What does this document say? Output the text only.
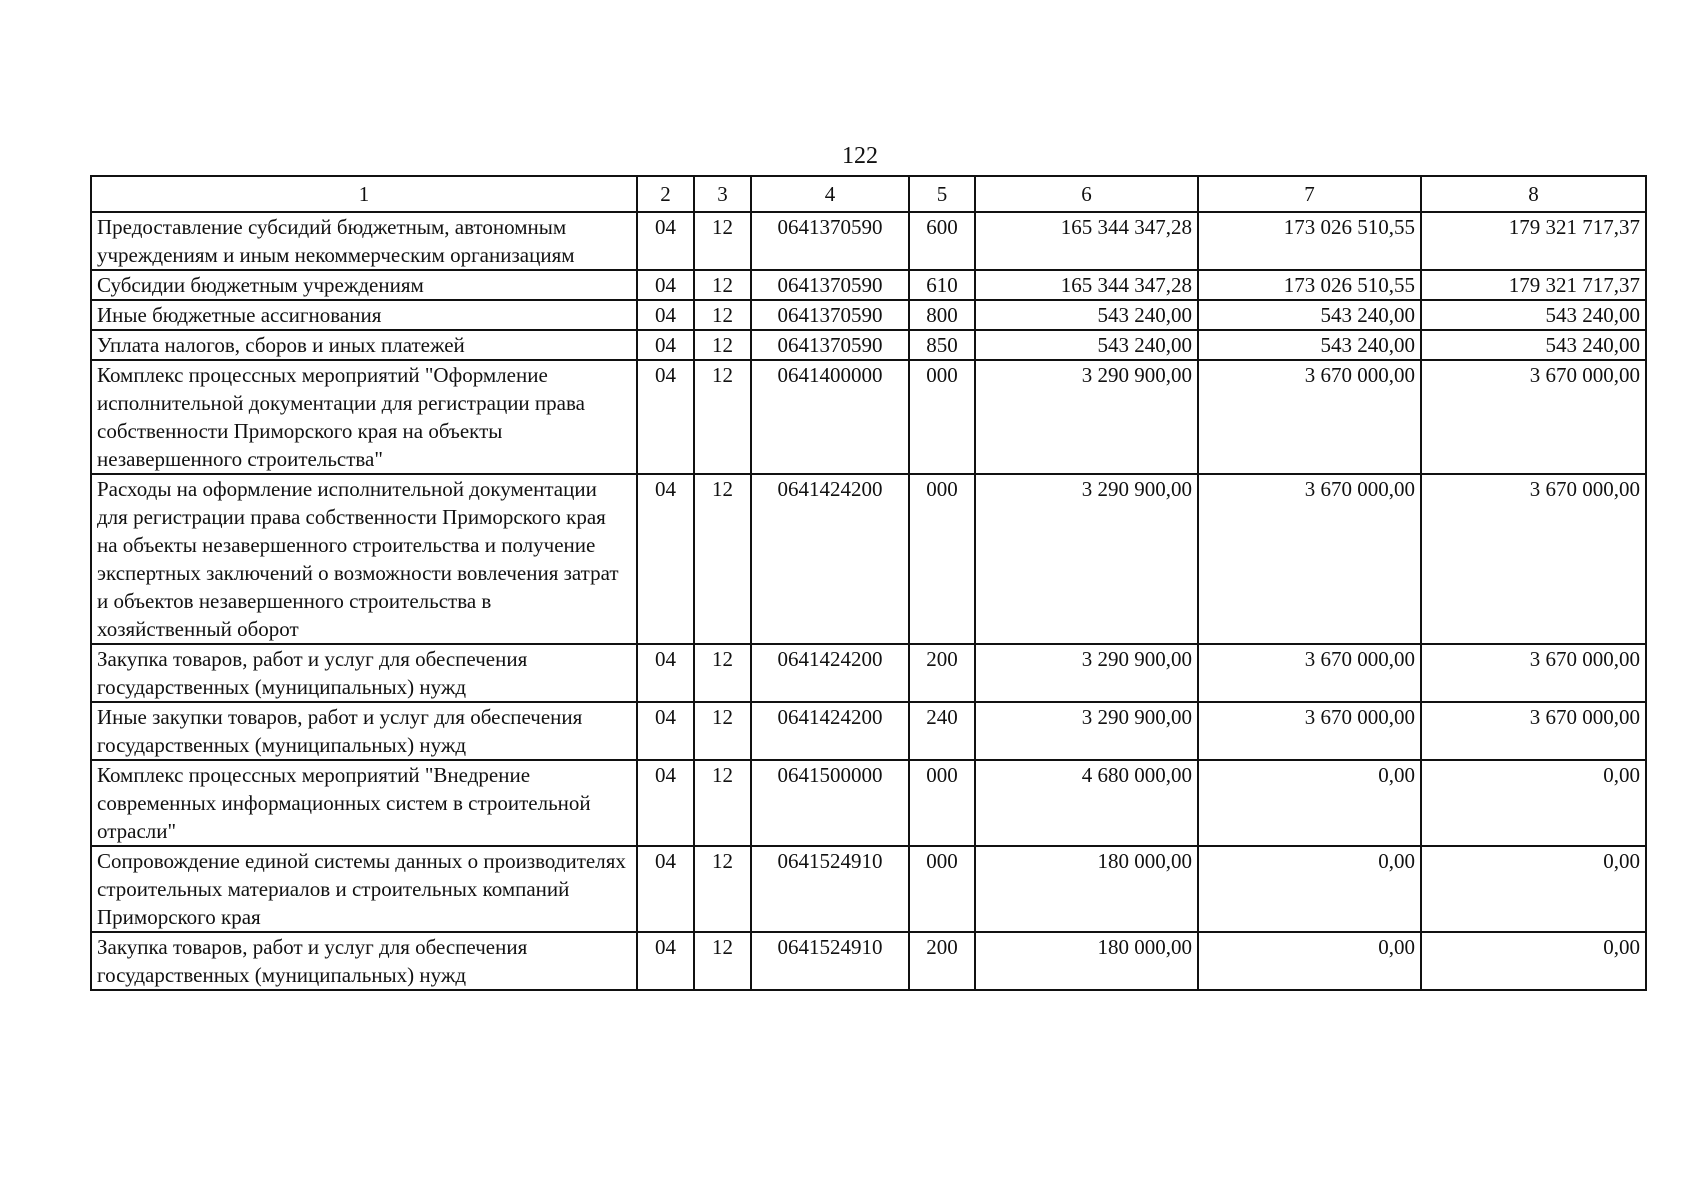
122
1	2	3	4	5	6	7	8
Предоставление субсидий бюджетным, автономным учреждениям и иным некоммерческим организациям	04	12	0641370590	600	165 344 347,28	173 026 510,55	179 321 717,37
Субсидии бюджетным учреждениям	04	12	0641370590	610	165 344 347,28	173 026 510,55	179 321 717,37
Иные бюджетные ассигнования	04	12	0641370590	800	543 240,00	543 240,00	543 240,00
Уплата налогов, сборов и иных платежей	04	12	0641370590	850	543 240,00	543 240,00	543 240,00
Комплекс процессных мероприятий "Оформление исполнительной документации для регистрации права собственности Приморского края на объекты незавершенного строительства"	04	12	0641400000	000	3 290 900,00	3 670 000,00	3 670 000,00
Расходы на оформление исполнительной документации для регистрации права собственности Приморского края на объекты незавершенного строительства и получение экспертных заключений о возможности вовлечения затрат и объектов незавершенного строительства в хозяйственный оборот	04	12	0641424200	000	3 290 900,00	3 670 000,00	3 670 000,00
Закупка товаров, работ и услуг для обеспечения государственных (муниципальных) нужд	04	12	0641424200	200	3 290 900,00	3 670 000,00	3 670 000,00
Иные закупки товаров, работ и услуг для обеспечения государственных (муниципальных) нужд	04	12	0641424200	240	3 290 900,00	3 670 000,00	3 670 000,00
Комплекс процессных мероприятий "Внедрение современных информационных систем в строительной отрасли"	04	12	0641500000	000	4 680 000,00	0,00	0,00
Сопровождение единой системы данных о производителях строительных материалов и строительных компаний Приморского края	04	12	0641524910	000	180 000,00	0,00	0,00
Закупка товаров, работ и услуг для обеспечения государственных (муниципальных) нужд	04	12	0641524910	200	180 000,00	0,00	0,00
